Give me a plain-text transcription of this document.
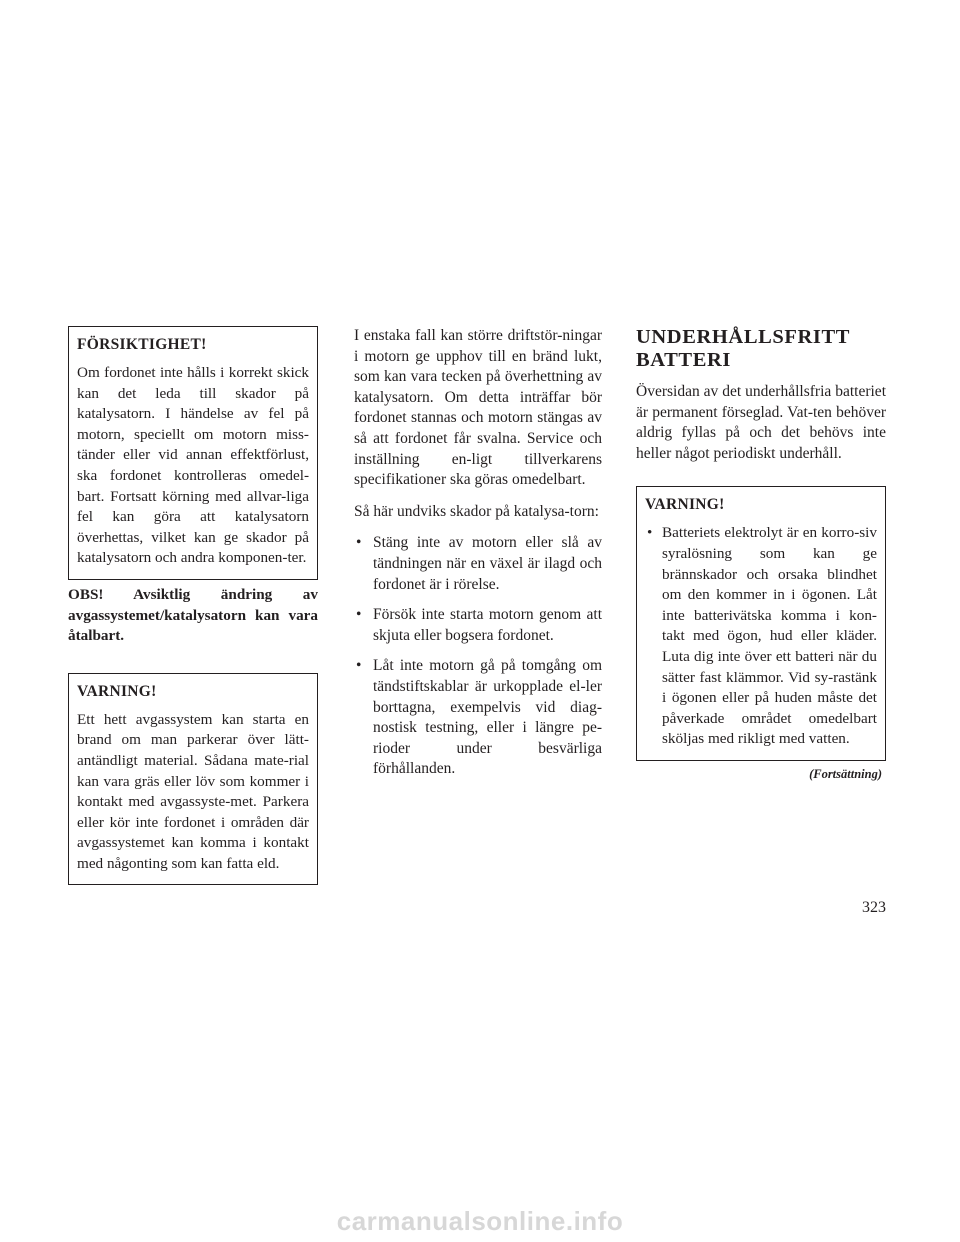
FÖRSIKTIGHET!

Om fordonet inte hålls i korrekt skick kan det leda till skador på katalysatorn. I händelse av fel på motorn, speciellt om motorn miss-tänder eller vid annan effektförlust, ska fordonet kontrolleras omedel-bart. Fortsatt körning med allvar-liga fel kan göra att katalysatorn överhettas, vilket kan ge skador på katalysatorn och andra komponen-ter.

OBS! Avsiktlig ändring av avgassystemet/katalysatorn kan vara åtalbart.
VARNING!

Ett hett avgassystem kan starta en brand om man parkerar över lätt-antändligt material. Sådana mate-rial kan vara gräs eller löv som kommer i kontakt med avgassyste-met. Parkera eller kör inte fordonet i områden där avgassystemet kan komma i kontakt med någonting som kan fatta eld.

I enstaka fall kan större driftstör-ningar i motorn ge upphov till en bränd lukt, som kan vara tecken på överhettning av katalysatorn. Om detta inträffar bör fordonet stannas och motorn stängas av så att fordonet får svalna. Service och inställning en-ligt tillverkarens specifikationer ska göras omedelbart.

Så här undviks skador på katalysa-torn:

• Stäng inte av motorn eller slå av tändningen när en växel är ilagd och fordonet är i rörelse.
• Försök inte starta motorn genom att skjuta eller bogsera fordonet.
• Låt inte motorn gå på tomgång om tändstiftskablar är urkopplade el-ler borttagna, exempelvis vid diag-nostisk testning, eller i längre pe-rioder under besvärliga förhållanden.
UNDERHÅLLSFRITT
BATTERI

Översidan av det underhållsfria batteriet är permanent förseglad. Vat-ten behöver aldrig fyllas på och det behövs inte heller något periodiskt underhåll.

VARNING!
• Batteriets elektrolyt är en korro-siv syralösning som kan ge brännskador och orsaka blindhet om den kommer in i ögonen. Låt inte batterivätska komma i kon-takt med ögon, hud eller kläder. Luta dig inte över ett batteri när du sätter fast klämmor. Vid sy-rastänk i ögonen eller på huden måste det påverkade området omedelbart sköljas med rikligt med vatten.
(Fortsättning)
323
carmanualsonline.info
